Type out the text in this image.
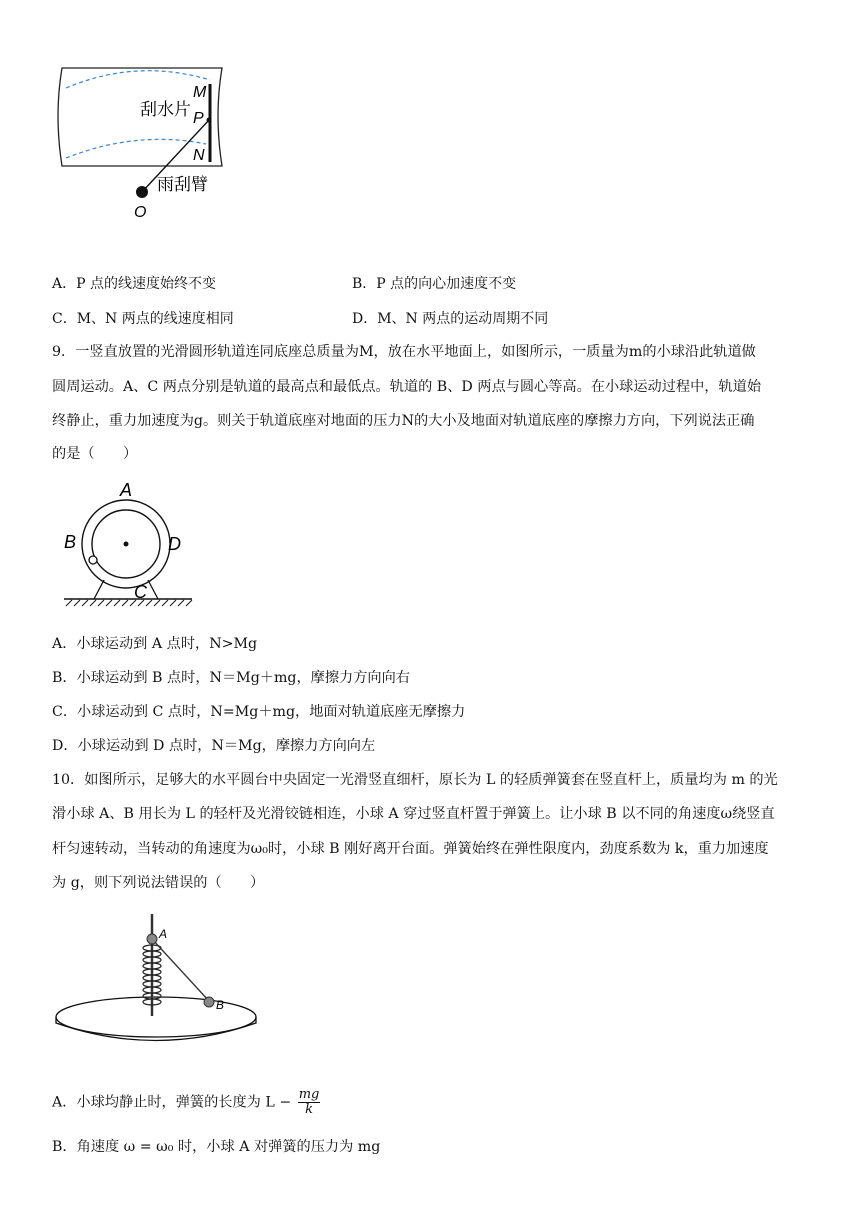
M
P
N
刮水片
雨刮臂
O
A．P 点的线速度始终不变	B．P 点的向心加速度不变
C．M、N 两点的线速度相同	D．M、N 两点的运动周期不同
9．一竖直放置的光滑圆形轨道连同底座总质量为M，放在水平地面上，如图所示，一质量为m的小球沿此轨道做
圆周运动。A、C 两点分别是轨道的最高点和最低点。轨道的 B、D 两点与圆心等高。在小球运动过程中，轨道始
终静止，重力加速度为g。则关于轨道底座对地面的压力N的大小及地面对轨道底座的摩擦力方向，下列说法正确
的是（　　）
A
B	D
C
A．小球运动到 A 点时，N>Mg
B．小球运动到 B 点时，N＝Mg＋mg，摩擦力方向向右
C．小球运动到 C 点时，N=Mg＋mg，地面对轨道底座无摩擦力
D．小球运动到 D 点时，N＝Mg，摩擦力方向向左
10．如图所示，足够大的水平圆台中央固定一光滑竖直细杆，原长为 L 的轻质弹簧套在竖直杆上，质量均为 m 的光
滑小球 A、B 用长为 L 的轻杆及光滑铰链相连，小球 A 穿过竖直杆置于弹簧上。让小球 B 以不同的角速度ω绕竖直
杆匀速转动，当转动的角速度为ω₀时，小球 B 刚好离开台面。弹簧始终在弹性限度内，劲度系数为 k，重力加速度
为 g，则下列说法错误的（　　）
A
B
A．小球均静止时，弹簧的长度为 $L - \frac{mg}{k}$
B．角速度 ω = ω₀ 时，小球 A 对弹簧的压力为 mg
